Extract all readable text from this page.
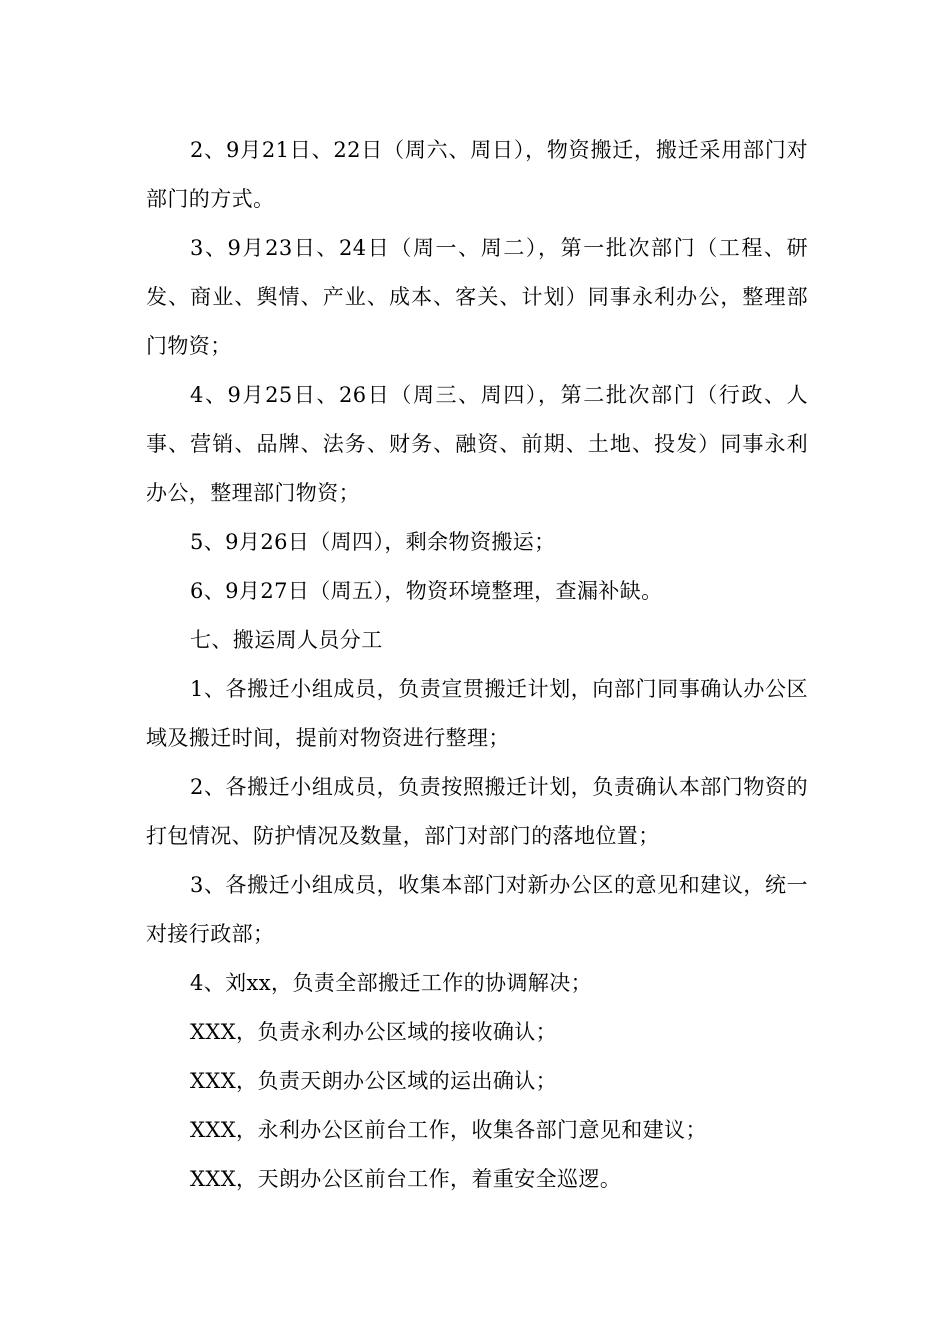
2、9月21日、22日（周六、周日），物资搬迁，搬迁采用部门对部门的方式。

3、9月23日、24日（周一、周二），第一批次部门（工程、研发、商业、舆情、产业、成本、客关、计划）同事永利办公，整理部门物资；

4、9月25日、26日（周三、周四），第二批次部门（行政、人事、营销、品牌、法务、财务、融资、前期、土地、投发）同事永利办公，整理部门物资；

5、9月26日（周四），剩余物资搬运；

6、9月27日（周五），物资环境整理，查漏补缺。

七、搬运周人员分工

1、各搬迁小组成员，负责宣贯搬迁计划，向部门同事确认办公区域及搬迁时间，提前对物资进行整理；

2、各搬迁小组成员，负责按照搬迁计划，负责确认本部门物资的打包情况、防护情况及数量，部门对部门的落地位置；

3、各搬迁小组成员，收集本部门对新办公区的意见和建议，统一对接行政部；

4、刘xx，负责全部搬迁工作的协调解决；

XXX，负责永利办公区域的接收确认；

XXX，负责天朗办公区域的运出确认；

XXX，永利办公区前台工作，收集各部门意见和建议；

XXX，天朗办公区前台工作，着重安全巡逻。
